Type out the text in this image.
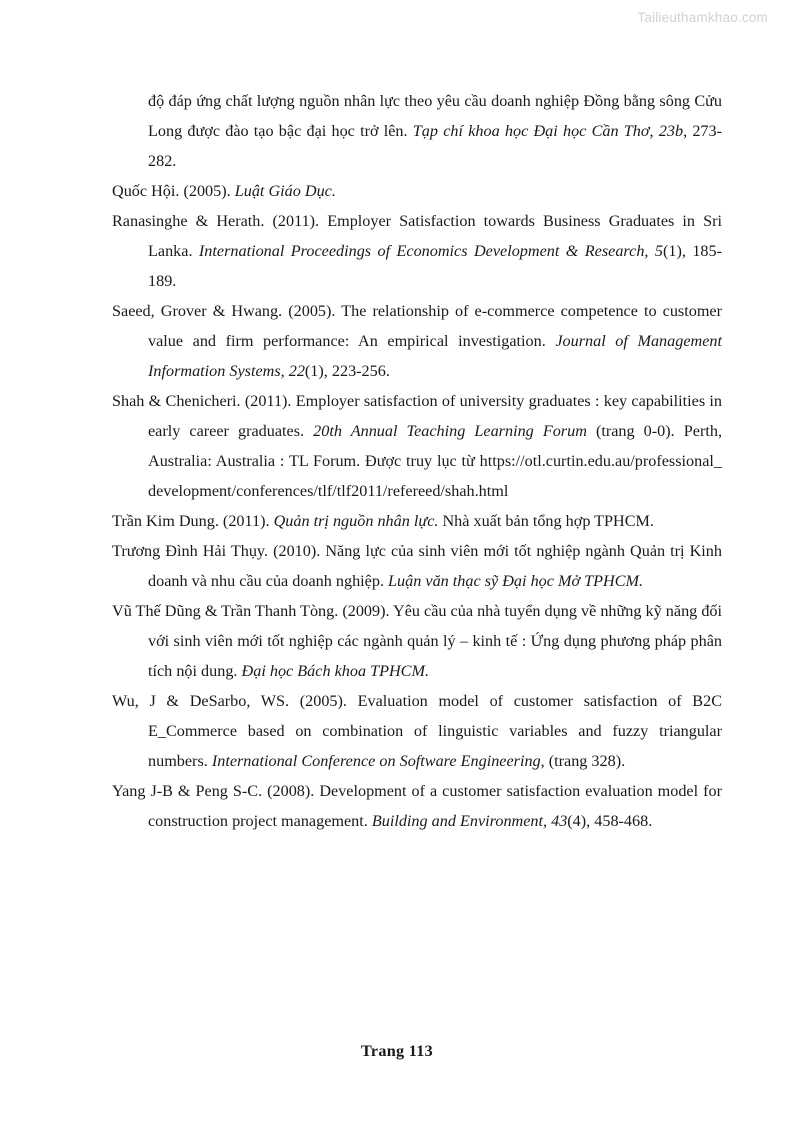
Tailieuthamkhao.com

độ đáp ứng chất lượng nguồn nhân lực theo yêu cầu doanh nghiệp Đồng bằng sông Cửu Long được đào tạo bậc đại học trở lên. Tạp chí khoa học Đại học Cần Thơ, 23b, 273-282.

Quốc Hội. (2005). Luật Giáo Dục.

Ranasinghe & Herath. (2011). Employer Satisfaction towards Business Graduates in Sri Lanka. International Proceedings of Economics Development & Research, 5(1), 185-189.

Saeed, Grover & Hwang. (2005). The relationship of e-commerce competence to customer value and firm performance: An empirical investigation. Journal of Management Information Systems, 22(1), 223-256.

Shah & Chenicheri. (2011). Employer satisfaction of university graduates : key capabilities in early career graduates. 20th Annual Teaching Learning Forum (trang 0-0). Perth, Australia: Australia : TL Forum. Được truy lục từ https://otl.curtin.edu.au/professional_development/conferences/tlf/tlf2011/refereed/shah.html

Trần Kim Dung. (2011). Quản trị nguồn nhân lực. Nhà xuất bản tổng hợp TPHCM.

Trương Đình Hải Thụy. (2010). Năng lực của sinh viên mới tốt nghiệp ngành Quản trị Kinh doanh và nhu cầu của doanh nghiệp. Luận văn thạc sỹ Đại học Mở TPHCM.

Vũ Thế Dũng & Trần Thanh Tòng. (2009). Yêu cầu của nhà tuyển dụng về những kỹ năng đối với sinh viên mới tốt nghiệp các ngành quản lý – kinh tế : Ứng dụng phương pháp phân tích nội dung. Đại học Bách khoa TPHCM.

Wu, J & DeSarbo, WS. (2005). Evaluation model of customer satisfaction of B2C E_Commerce based on combination of linguistic variables and fuzzy triangular numbers. International Conference on Software Engineering, (trang 328).

Yang J-B & Peng S-C. (2008). Development of a customer satisfaction evaluation model for construction project management. Building and Environment, 43(4), 458-468.

Trang 113
